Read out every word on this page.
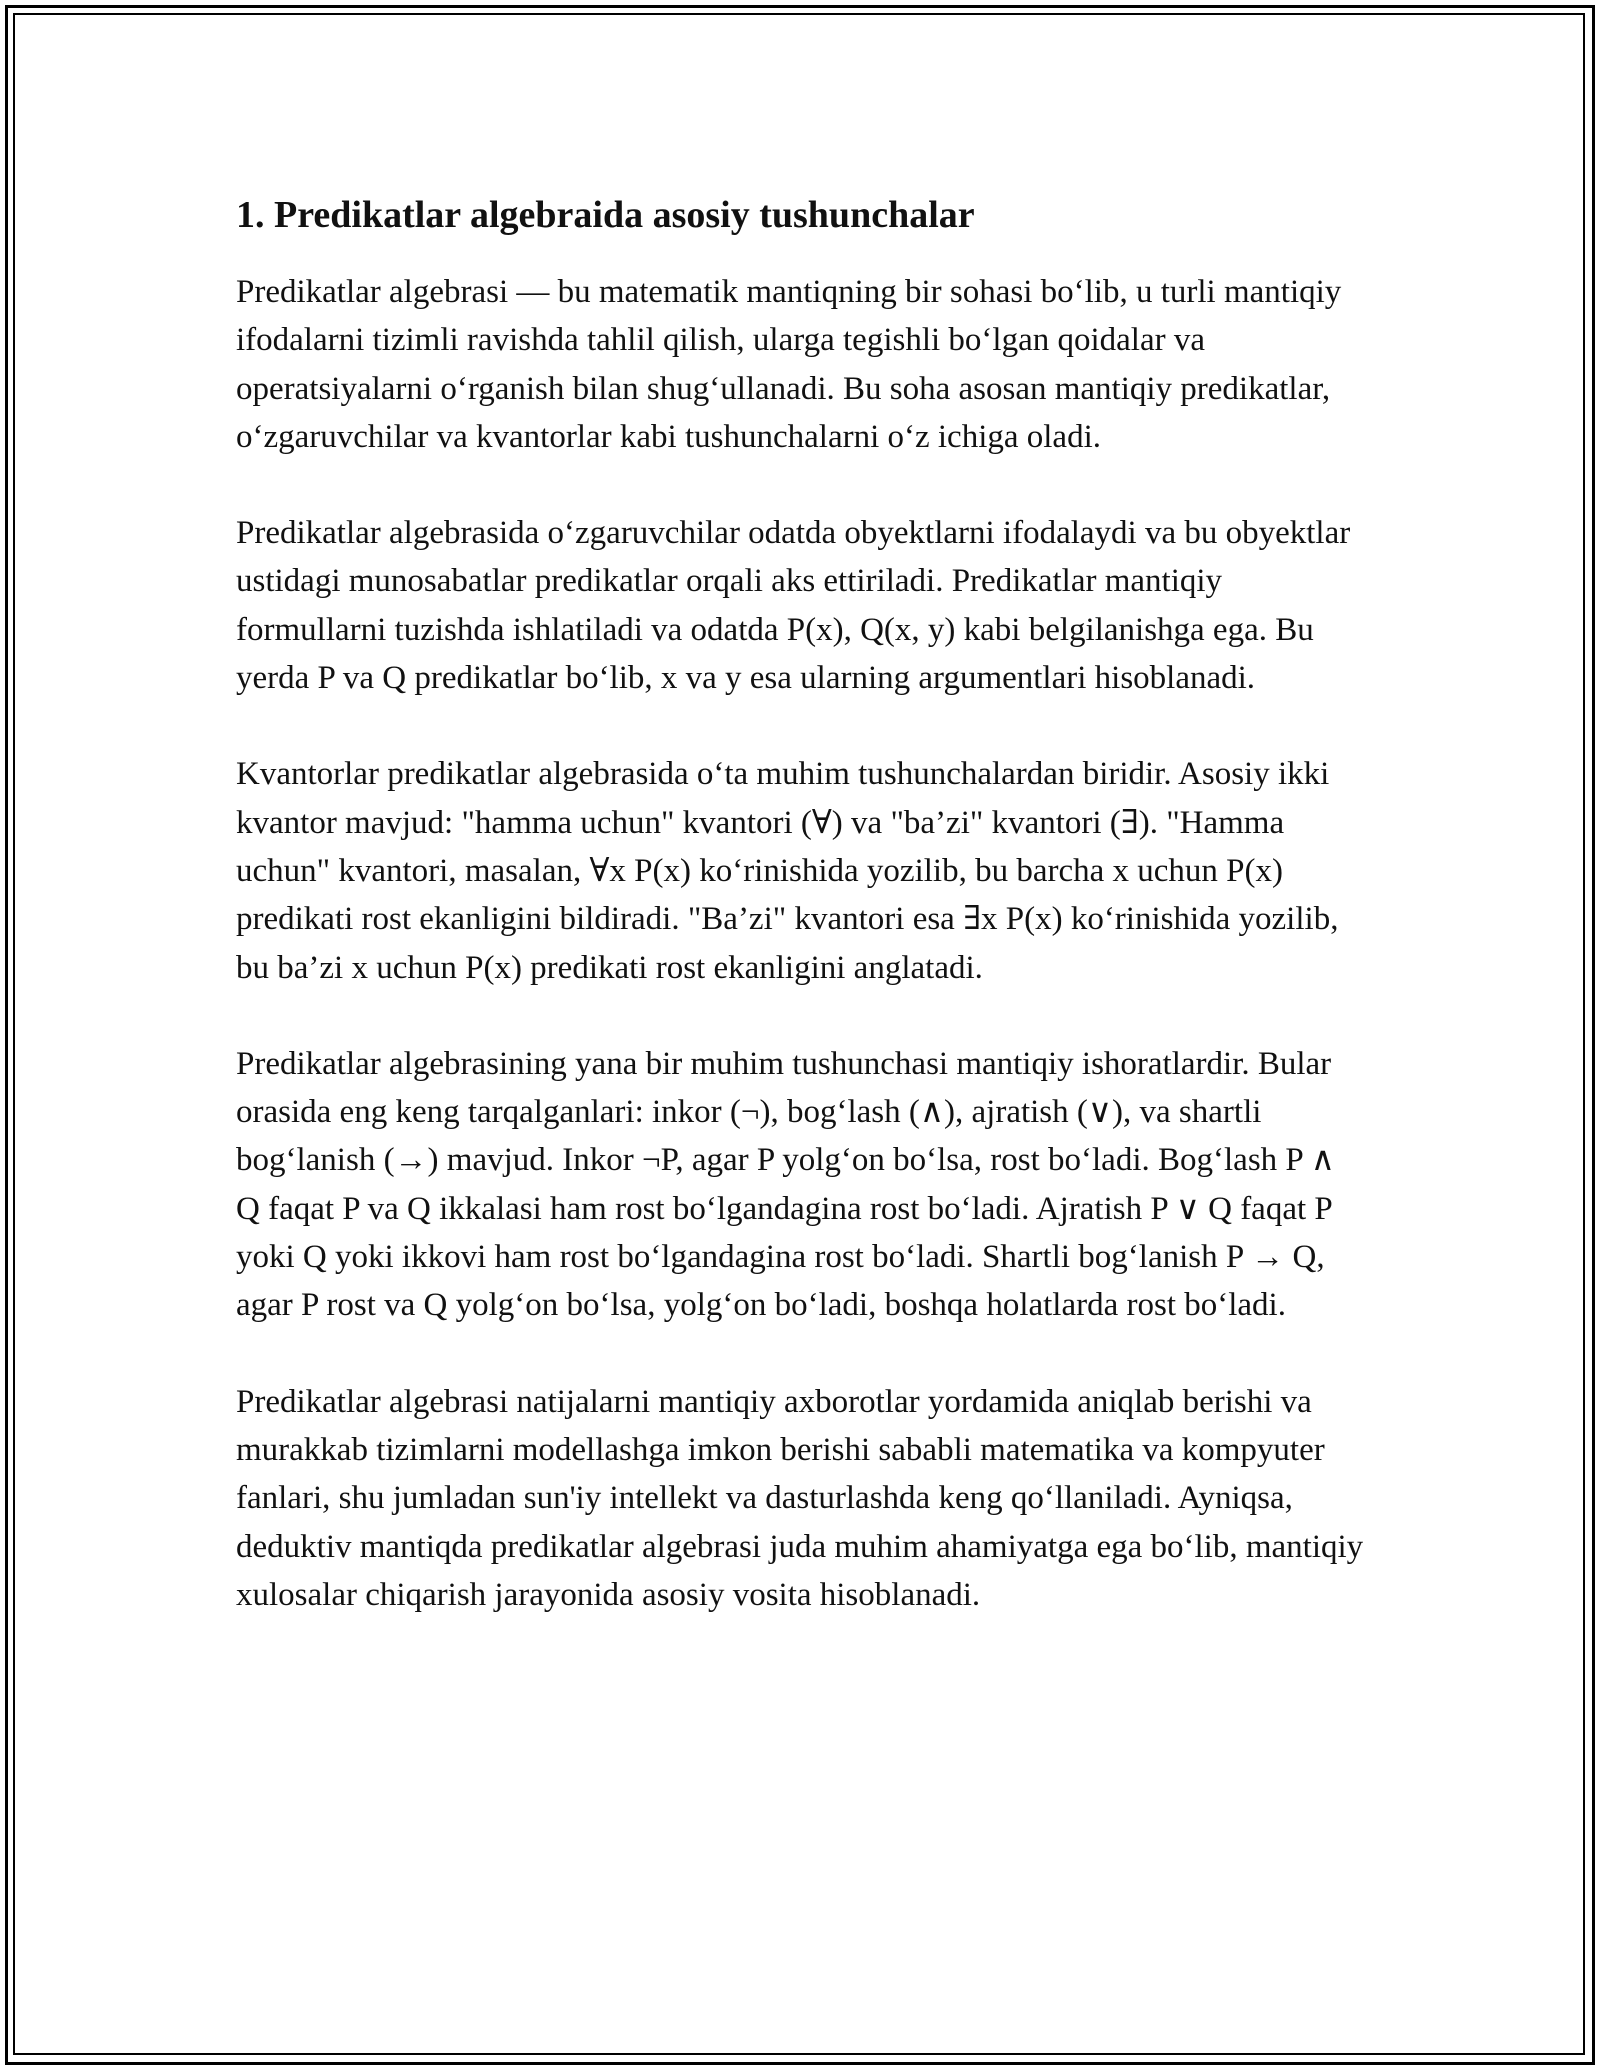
1. Predikatlar algebraida asosiy tushunchalar

Predikatlar algebrasi — bu matematik mantiqning bir sohasi bo‘lib, u turli mantiqiy ifodalarni tizimli ravishda tahlil qilish, ularga tegishli bo‘lgan qoidalar va operatsiyalarni o‘rganish bilan shug‘ullanadi. Bu soha asosan mantiqiy predikatlar, o‘zgaruvchilar va kvantorlar kabi tushunchalarni o‘z ichiga oladi.

Predikatlar algebrasida o‘zgaruvchilar odatda obyektlarni ifodalaydi va bu obyektlar ustidagi munosabatlar predikatlar orqali aks ettiriladi. Predikatlar mantiqiy formullarni tuzishda ishlatiladi va odatda P(x), Q(x, y) kabi belgilanishga ega. Bu yerda P va Q predikatlar bo‘lib, x va y esa ularning argumentlari hisoblanadi.

Kvantorlar predikatlar algebrasida o‘ta muhim tushunchalardan biridir. Asosiy ikki kvantor mavjud: "hamma uchun" kvantori (∀) va "ba’zi" kvantori (∃). "Hamma uchun" kvantori, masalan, ∀x P(x) ko‘rinishida yozilib, bu barcha x uchun P(x) predikati rost ekanligini bildiradi. "Ba’zi" kvantori esa ∃x P(x) ko‘rinishida yozilib, bu ba’zi x uchun P(x) predikati rost ekanligini anglatadi.

Predikatlar algebrasining yana bir muhim tushunchasi mantiqiy ishoratlardir. Bular orasida eng keng tarqalganlari: inkor (¬), bog‘lash (∧), ajratish (∨), va shartli bog‘lanish (→) mavjud. Inkor ¬P, agar P yolg‘on bo‘lsa, rost bo‘ladi. Bog‘lash P ∧ Q faqat P va Q ikkalasi ham rost bo‘lgandagina rost bo‘ladi. Ajratish P ∨ Q faqat P yoki Q yoki ikkovi ham rost bo‘lgandagina rost bo‘ladi. Shartli bog‘lanish P → Q, agar P rost va Q yolg‘on bo‘lsa, yolg‘on bo‘ladi, boshqa holatlarda rost bo‘ladi.

Predikatlar algebrasi natijalarni mantiqiy axborotlar yordamida aniqlab berishi va murakkab tizimlarni modellashga imkon berishi sababli matematika va kompyuter fanlari, shu jumladan sun'iy intellekt va dasturlashda keng qo‘llaniladi. Ayniqsa, deduktiv mantiqda predikatlar algebrasi juda muhim ahamiyatga ega bo‘lib, mantiqiy xulosalar chiqarish jarayonida asosiy vosita hisoblanadi.
